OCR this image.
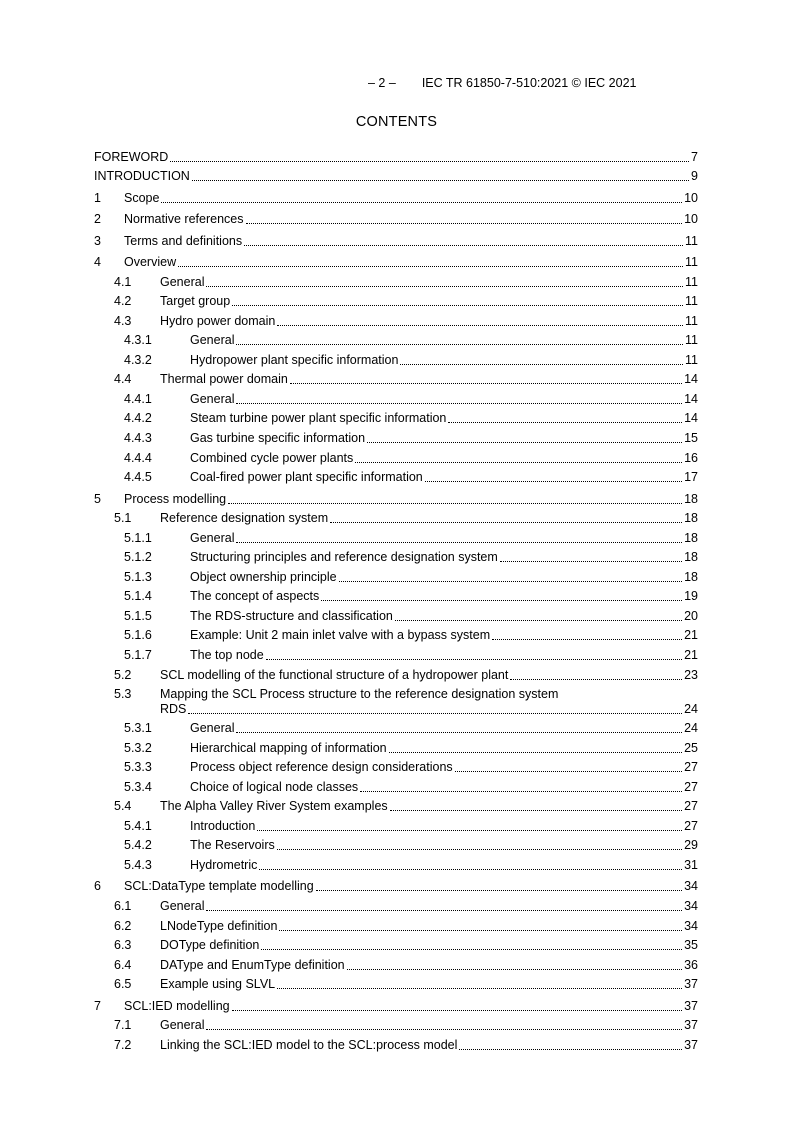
– 2 – IEC TR 61850-7-510:2021 © IEC 2021
CONTENTS
FOREWORD	7
INTRODUCTION	9
1 Scope	10
2 Normative references	10
3 Terms and definitions	11
4 Overview	11
4.1 General	11
4.2 Target group	11
4.3 Hydro power domain	11
4.3.1	General	11
4.3.2	Hydropower plant specific information	11
4.4 Thermal power domain	14
4.4.1	General	14
4.4.2	Steam turbine power plant specific information	14
4.4.3	Gas turbine specific information	15
4.4.4	Combined cycle power plants	16
4.4.5	Coal-fired power plant specific information	17
5 Process modelling	18
5.1 Reference designation system	18
5.1.1	General	18
5.1.2	Structuring principles and reference designation system	18
5.1.3	Object ownership principle	18
5.1.4	The concept of aspects	19
5.1.5	The RDS-structure and classification	20
5.1.6	Example: Unit 2 main inlet valve with a bypass system	21
5.1.7	The top node	21
5.2 SCL modelling of the functional structure of a hydropower plant	23
5.3	Mapping the SCL Process structure to the reference designation system
RDS	24
5.3.1	General	24
5.3.2	Hierarchical mapping of information	25
5.3.3	Process object reference design considerations	27
5.3.4	Choice of logical node classes	27
5.4 The Alpha Valley River System examples	27
5.4.1	Introduction	27
5.4.2	The Reservoirs	29
5.4.3	Hydrometric	31
6 SCL:DataType template modelling	34
6.1 General	34
6.2 LNodeType definition	34
6.3 DOType definition	35
6.4 DAType and EnumType definition	36
6.5 Example using SLVL	37
7 SCL:IED modelling	37
7.1 General	37
7.2 Linking the SCL:IED model to the SCL:process model	37
